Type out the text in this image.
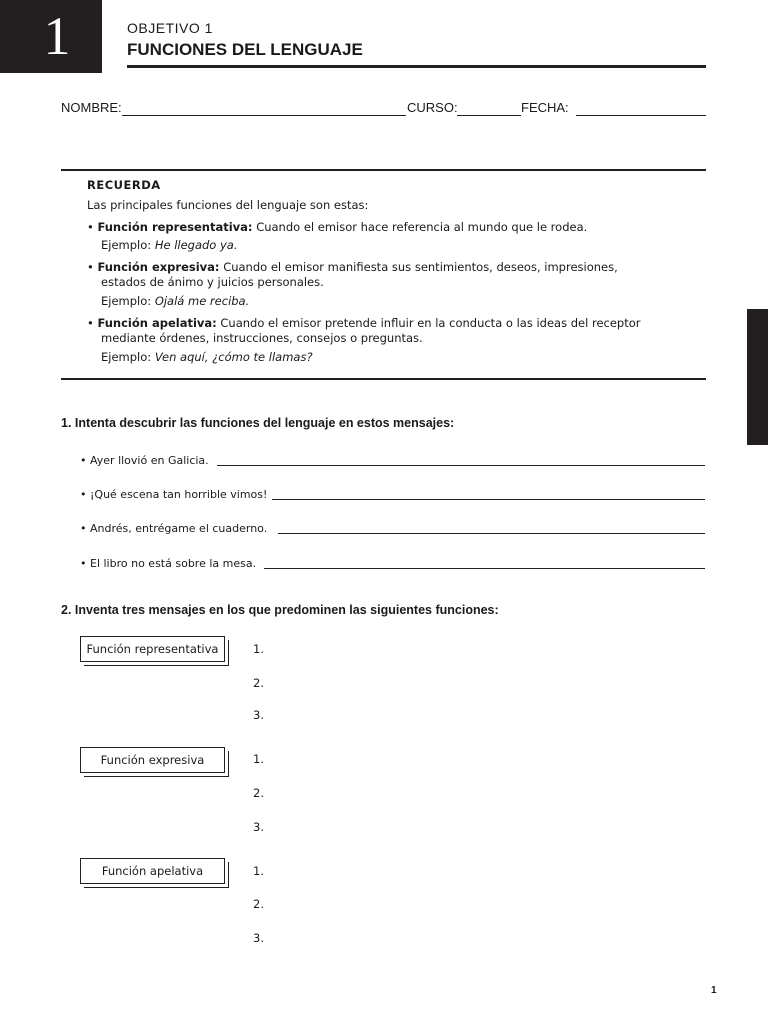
1	OBJETIVO 1
FUNCIONES DEL LENGUAJE
NOMBRE:	CURSO:	FECHA:
RECUERDA
Las principales funciones del lenguaje son estas:
• Función representativa: Cuando el emisor hace referencia al mundo que le rodea.
Ejemplo: He llegado ya.
• Función expresiva: Cuando el emisor manifiesta sus sentimientos, deseos, impresiones,
estados de ánimo y juicios personales.
Ejemplo: Ojalá me reciba.
• Función apelativa: Cuando el emisor pretende influir en la conducta o las ideas del receptor
mediante órdenes, instrucciones, consejos o preguntas.
Ejemplo: Ven aquí, ¿cómo te llamas?
1. Intenta descubrir las funciones del lenguaje en estos mensajes:
• Ayer llovió en Galicia.
• ¡Qué escena tan horrible vimos!
• Andrés, entrégame el cuaderno.
• El libro no está sobre la mesa.
2. Inventa tres mensajes en los que predominen las siguientes funciones:
Función representativa	1.
2.
3.
Función expresiva	1.
2.
3.
Función apelativa	1.
2.
3.
1
